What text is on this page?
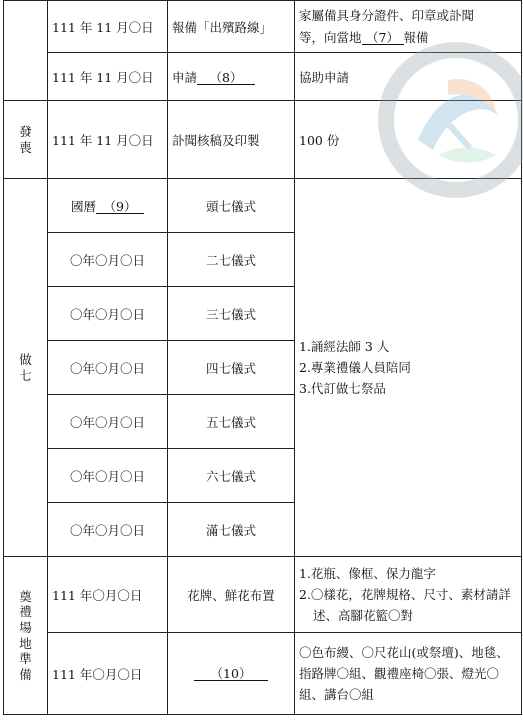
	111 年 11 月〇日	報備「出殯路線」	家屬備具身分證件、印章或訃聞
等，向當地 （7） 報備

	111 年 11 月〇日	申請 （8）	協助申請
發喪	111 年 11 月〇日	訃聞核稿及印製	100 份
做七	國曆 （9）	頭七儀式	1.誦經法師 3 人
2.專業禮儀人員陪同
3.代訂做七祭品

	〇年〇月〇日	二七儀式	
	〇年〇月〇日	三七儀式	
	〇年〇月〇日	四七儀式	
	〇年〇月〇日	五七儀式	
	〇年〇月〇日	六七儀式	
	〇年〇月〇日	滿七儀式	
奠禮場地準備	111 年〇月〇日	花牌、鮮花布置	1.花瓶、像框、保力龍字
2.〇樣花，花牌規格、尺寸、素材請詳述、高腳花籃〇對

	111 年〇月〇日	（10）	〇色布縵、〇尺花山(或祭壇)、地毯、指路牌〇組、觀禮座椅〇張、燈光〇組、講台〇組
